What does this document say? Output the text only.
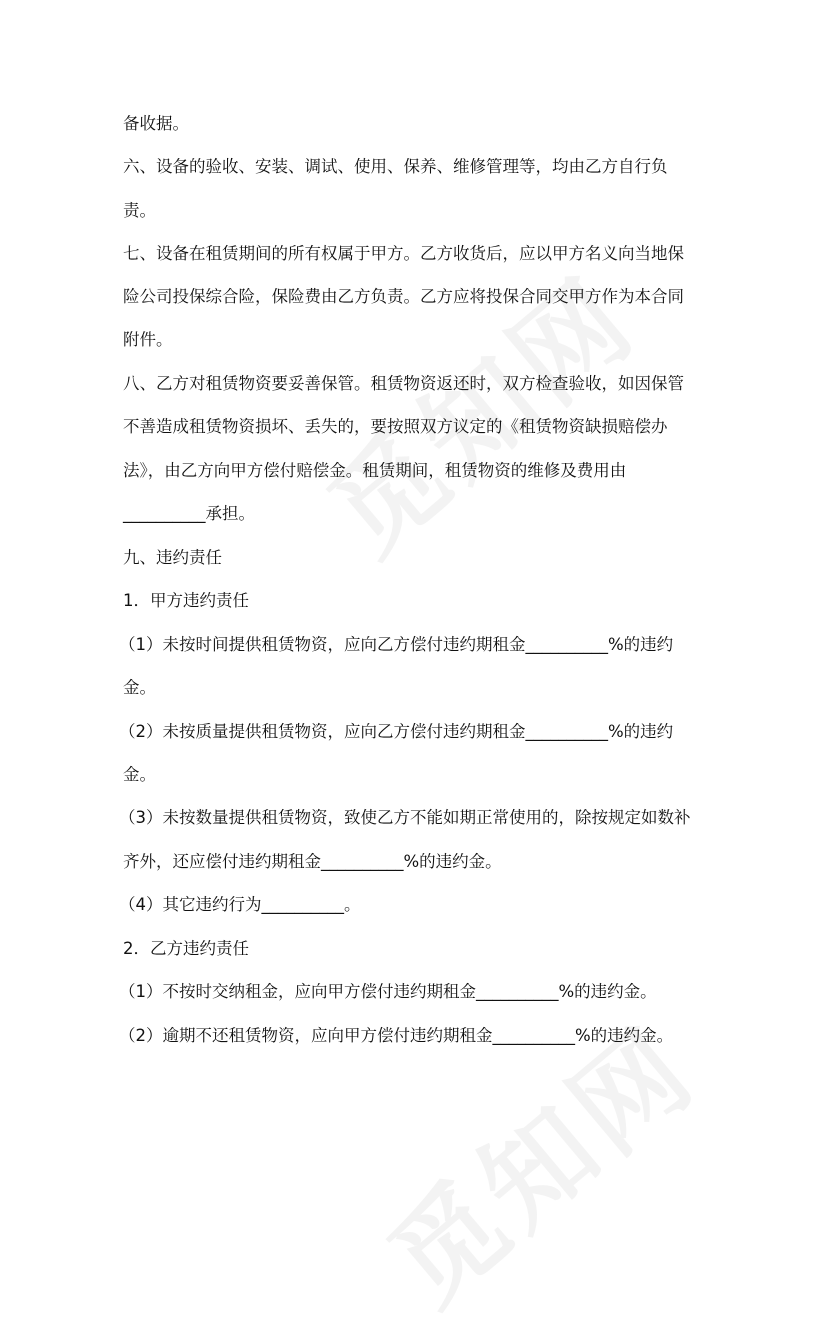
备收据。

六、设备的验收、安装、调试、使用、保养、维修管理等，均由乙方自行负

责。

七、设备在租赁期间的所有权属于甲方。乙方收货后，应以甲方名义向当地保

险公司投保综合险，保险费由乙方负责。乙方应将投保合同交甲方作为本合同

附件。

八、乙方对租赁物资要妥善保管。租赁物资返还时，双方检查验收，如因保管

不善造成租赁物资损坏、丢失的，要按照双方议定的《租赁物资缺损赔偿办

法》，由乙方向甲方偿付赔偿金。租赁期间，租赁物资的维修及费用由

__________承担。

九、违约责任

1．甲方违约责任

（1）未按时间提供租赁物资，应向乙方偿付违约期租金__________%的违约

金。

（2）未按质量提供租赁物资，应向乙方偿付违约期租金__________%的违约

金。

（3）未按数量提供租赁物资，致使乙方不能如期正常使用的，除按规定如数补

齐外，还应偿付违约期租金__________%的违约金。

（4）其它违约行为__________。

2．乙方违约责任

（1）不按时交纳租金，应向甲方偿付违约期租金__________%的违约金。

（2）逾期不还租赁物资，应向甲方偿付违约期租金__________%的违约金。
